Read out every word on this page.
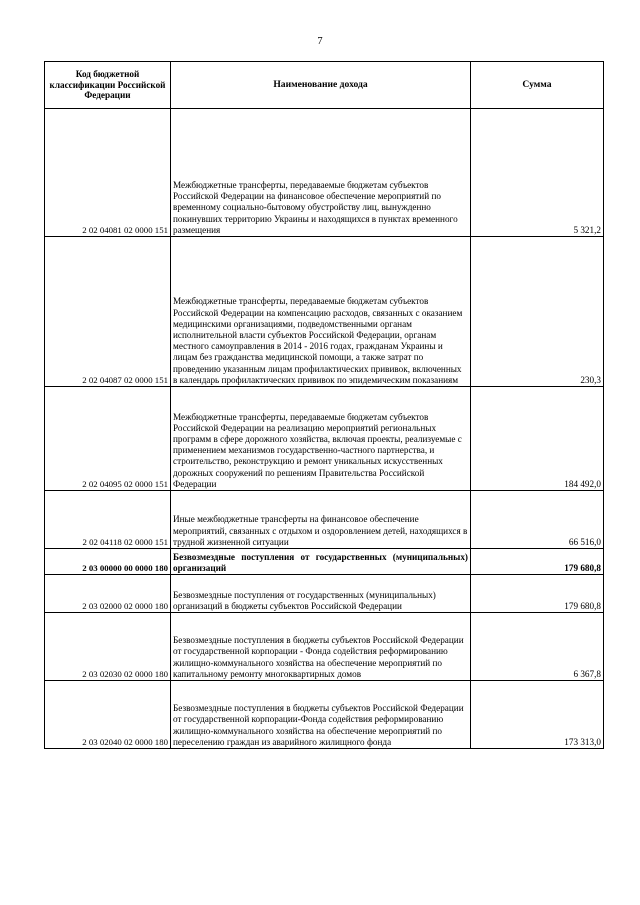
7
Код бюджетной классификации Российской Федерации	Наименование дохода	Сумма
2 02 04081 02 0000 151	Межбюджетные трансферты, передаваемые бюджетам субъектов Российской Федерации на финансовое обеспечение мероприятий по временному социально-бытовому обустройству лиц, вынужденно покинувших территорию Украины и находящихся в пунктах временного размещения	5 321,2
2 02 04087 02 0000 151	Межбюджетные трансферты, передаваемые бюджетам субъектов Российской Федерации на компенсацию расходов, связанных с оказанием медицинскими организациями, подведомственными органам исполнительной власти субъектов Российской Федерации, органам местного самоуправления в 2014 - 2016 годах, гражданам Украины и лицам без гражданства медицинской помощи, а также затрат по проведению указанным лицам профилактических прививок, включенных в календарь профилактических прививок по эпидемическим показаниям	230,3
2 02 04095 02 0000 151	Межбюджетные трансферты, передаваемые бюджетам субъектов Российской Федерации на реализацию мероприятий региональных программ в сфере дорожного хозяйства, включая проекты, реализуемые с применением механизмов государственно-частного партнерства, и строительство, реконструкцию и ремонт уникальных искусственных дорожных сооружений по решениям Правительства Российской Федерации	184 492,0
2 02 04118 02 0000 151	Иные межбюджетные трансферты на финансовое обеспечение мероприятий, связанных с отдыхом и оздоровлением детей, находящихся в трудной жизненной ситуации	66 516,0
2 03 00000 00 0000 180	Безвозмездные поступления от государственных (муниципальных) организаций	179 680,8
2 03 02000 02 0000 180	Безвозмездные поступления от государственных (муниципальных) организаций в бюджеты субъектов Российской Федерации	179 680,8
2 03 02030 02 0000 180	Безвозмездные поступления в бюджеты субъектов Российской Федерации от государственной корпорации - Фонда содействия реформированию жилищно-коммунального хозяйства на обеспечение мероприятий по капитальному ремонту многоквартирных домов	6 367,8
2 03 02040 02 0000 180	Безвозмездные поступления в бюджеты субъектов Российской Федерации от государственной корпорации-Фонда содействия реформированию жилищно-коммунального хозяйства на обеспечение мероприятий по переселению граждан из аварийного жилищного фонда	173 313,0
